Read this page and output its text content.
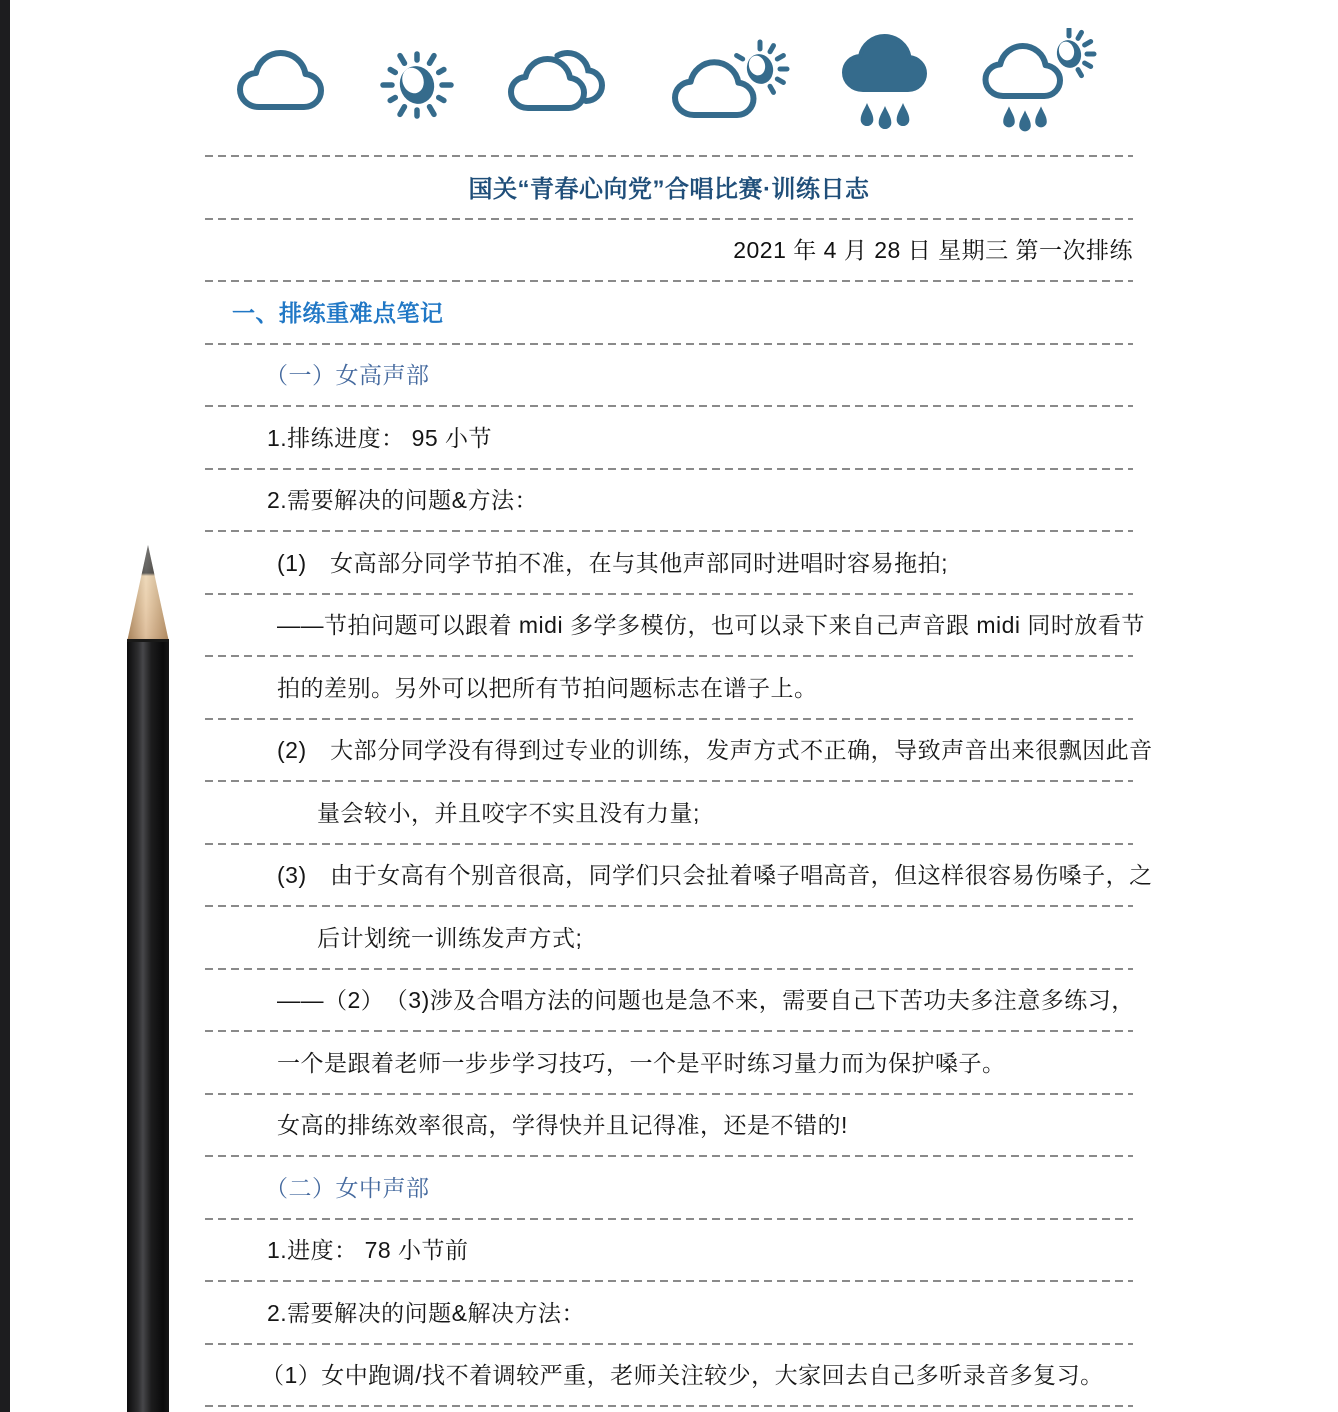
国关“青春心向党”合唱比赛·训练日志
2021 年 4 月 28 日 星期三 第一次排练
一、排练重难点笔记
（一）女高声部
1.排练进度： 95 小节
2.需要解决的问题&方法：
(1)　女高部分同学节拍不准，在与其他声部同时进唱时容易拖拍;
——节拍问题可以跟着 midi 多学多模仿，也可以录下来自己声音跟 midi 同时放看节
拍的差别。另外可以把所有节拍问题标志在谱子上。
(2)　大部分同学没有得到过专业的训练，发声方式不正确，导致声音出来很飘因此音
量会较小，并且咬字不实且没有力量;
(3)　由于女高有个别音很高，同学们只会扯着嗓子唱高音，但这样很容易伤嗓子，之
后计划统一训练发声方式;
——（2）　（3)涉及合唱方法的问题也是急不来，需要自己下苦功夫多注意多练习，
一个是跟着老师一步步学习技巧，一个是平时练习量力而为保护嗓子。
女高的排练效率很高，学得快并且记得准，还是不错的!
（二）女中声部
1.进度： 78 小节前
2.需要解决的问题&解决方法：
（1）女中跑调/找不着调较严重，老师关注较少，大家回去自己多听录音多复习。
